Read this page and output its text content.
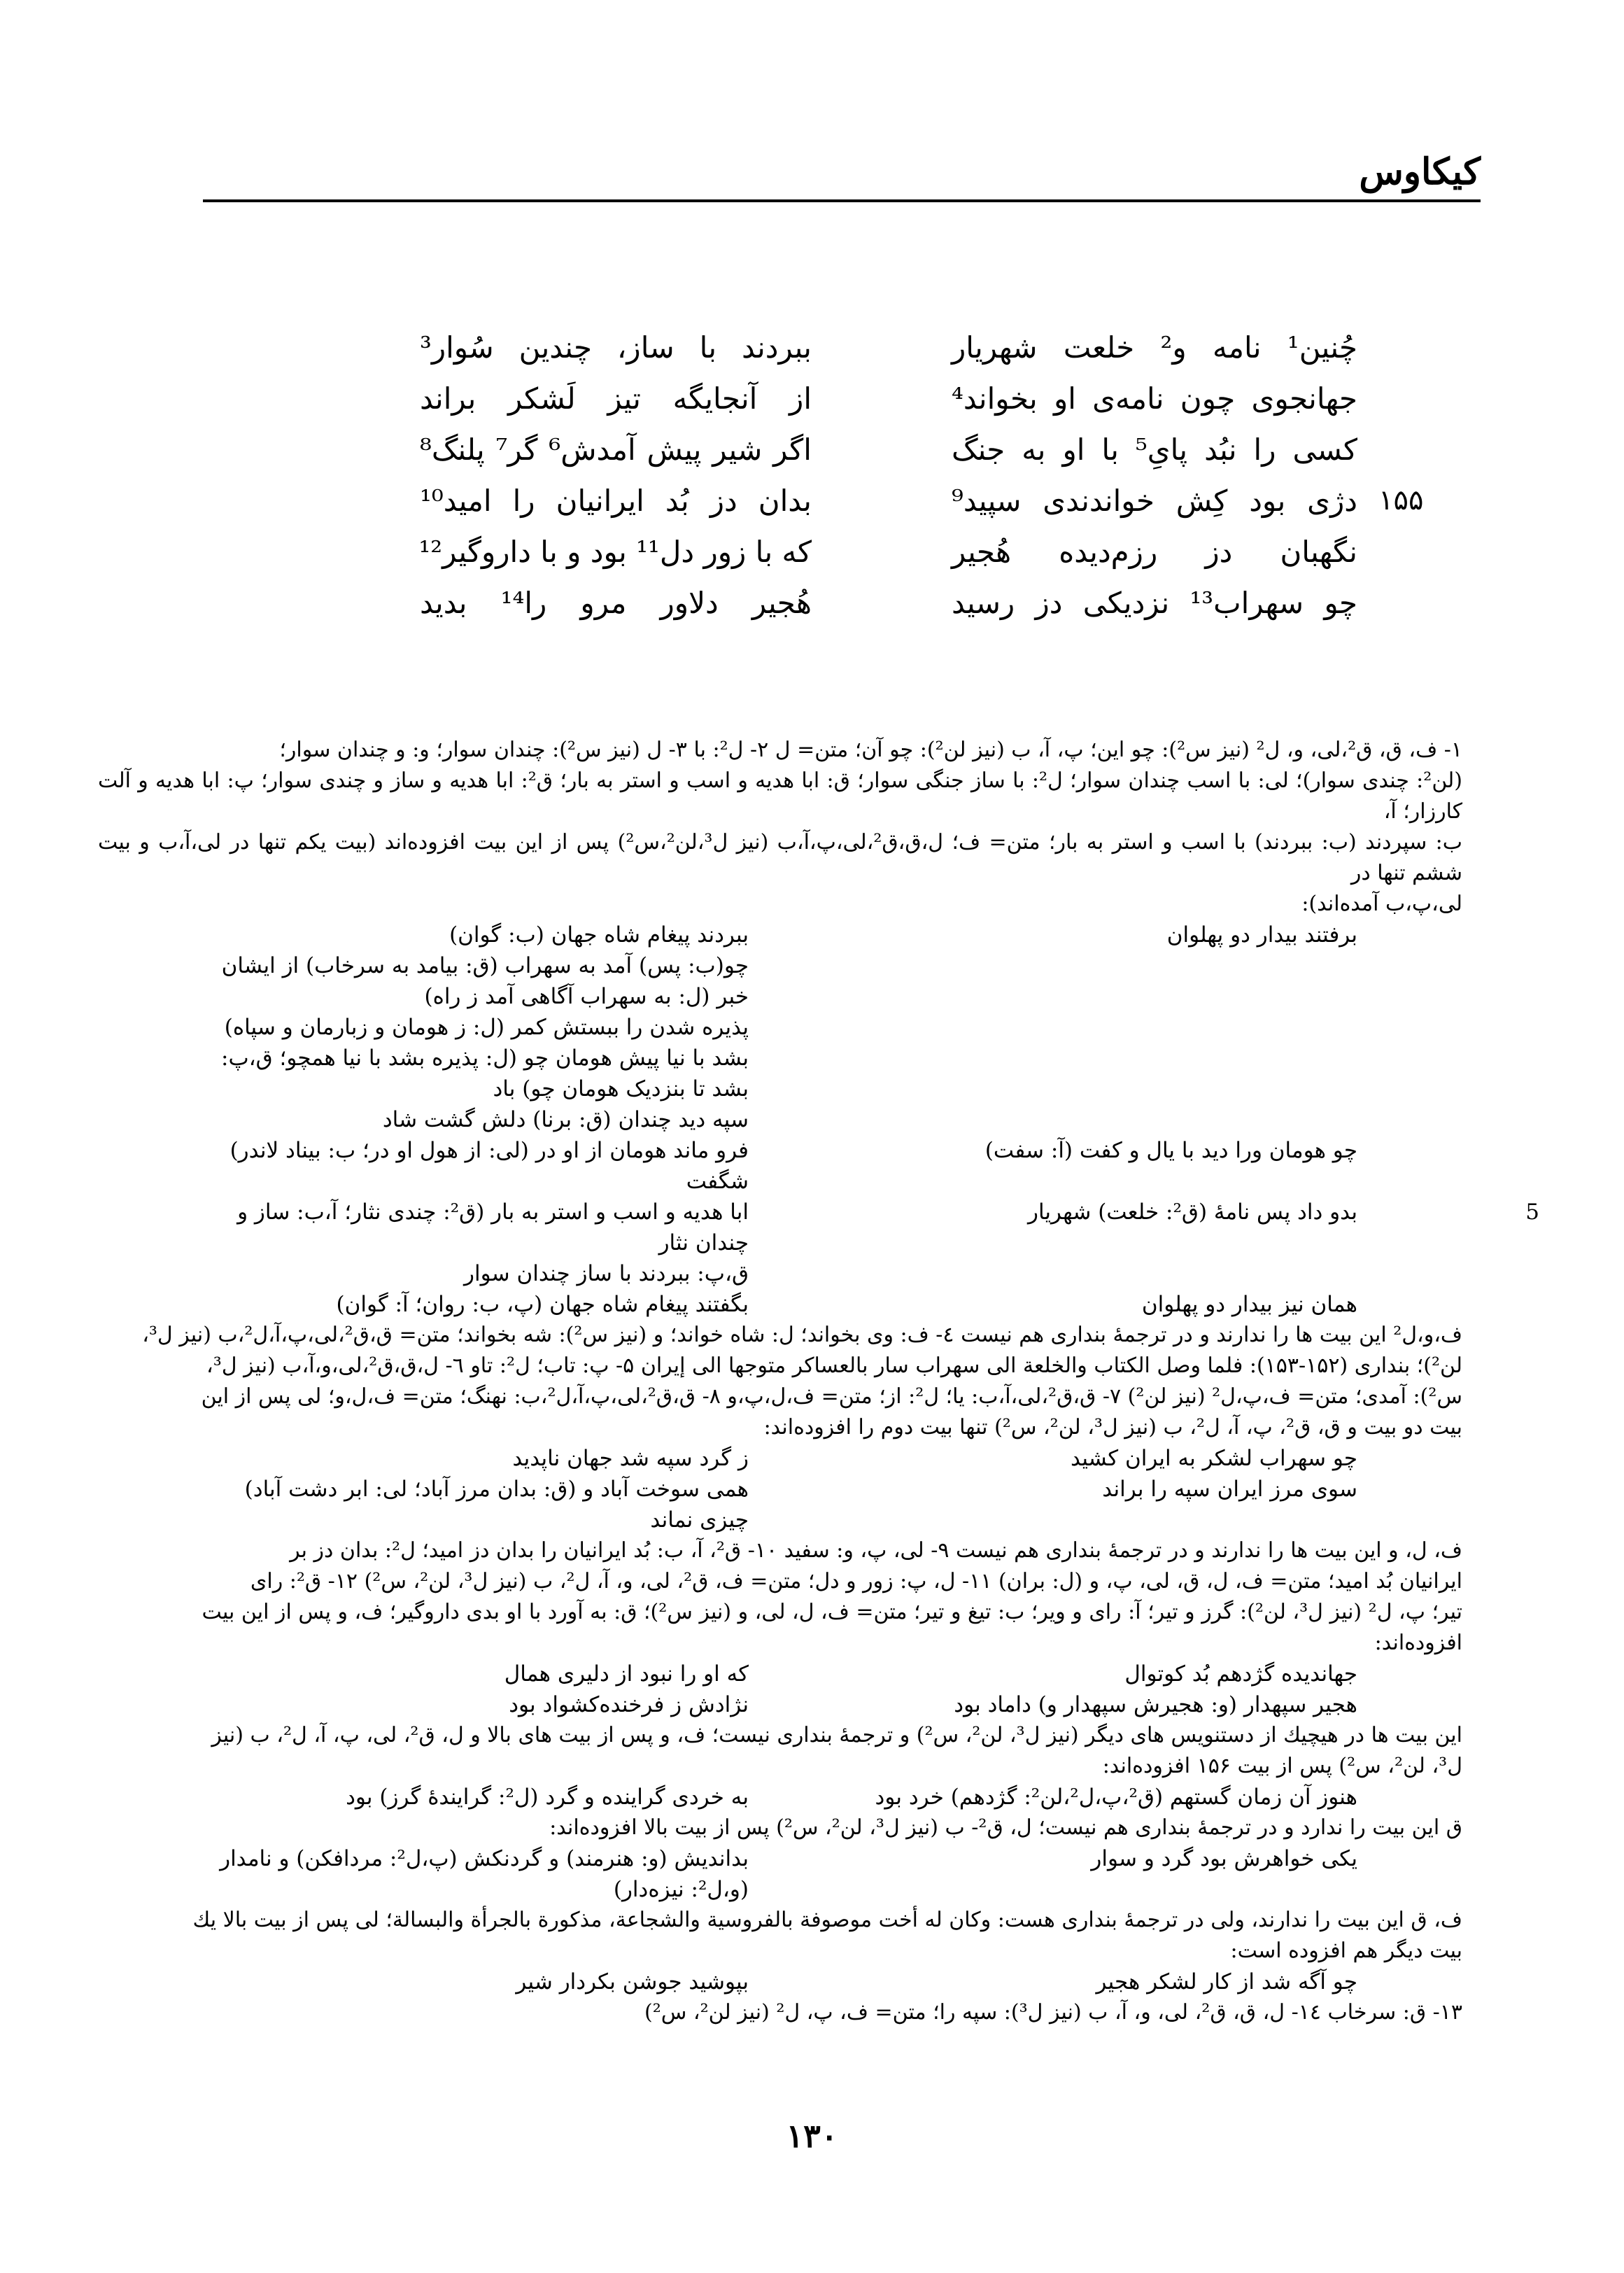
کیکاوس
چُنین¹ نامه و² خلعت شهریار
ببردند با ساز، چندین سُوار³
جهانجوی چون نامه‌ی او بخواند⁴
از آنجایگه تیز لَشکر براند
کسی را نبُد پایِ⁵ با او به جنگ
اگر شیر پیش آمدش⁶ گر⁷ پلنگ⁸
۱۵۵
دژی بود کِش خواندندی سپید⁹
بدان دز بُد ایرانیان را امید¹⁰
نگهبان دز رزم‌دیده هُجیر
که با زور دل¹¹ بود و با داروگیر¹²
چو سهراب¹³ نزدیکی دز رسید
هُجیر دلاور مرو را¹⁴ بدید
۱- ف، ق، ق²،لی، و، ل² (نیز س²): چو این؛ پ، آ، ب (نیز لن²): چو آن؛ متن= ل ۲- ل²: با ۳- ل (نیز س²): چندان سوار؛ و: و چندان سوار؛
(لن²: چندی سوار)؛ لی: با اسب چندان سوار؛ ل²: با ساز جنگی سوار؛ ق: ابا هدیه و اسب و استر به بار؛ ق²: ابا هدیه و ساز و چندی سوار؛ پ: ابا هدیه و آلت کارزار؛ آ،
ب: سپردند (ب: ببردند) با اسب و استر به بار؛ متن= ف؛ ل،ق،ق²،لی،پ،آ،ب (نیز ل³،لن²،س²) پس از این بیت افزوده‌اند (بیت یکم تنها در لی،آ،ب و بیت ششم تنها در
لی،پ،ب آمده‌اند):
برفتند بیدار دو پهلوان
ببردند پیغام شاه جهان (ب: گوان)
چو(ب: پس) آمد به سهراب (ق: بیامد به سرخاب) از ایشان خبر (ل: به سهراب آگاهی آمد ز راه)
پذیره شدن را ببستش کمر (ل: ز هومان و زبارمان و سپاه)
بشد با نیا پیش هومان چو (ل: پذیره بشد با نیا همچو؛ ق،پ: بشد تا بنزدیک هومان چو) باد
سپه دید چندان (ق: برنا) دلش گشت شاد
چو هومان ورا دید با یال و کفت (آ: سفت)
فرو ماند هومان از او در (لی: از هول او در؛ ب: بیناد لاندر) شگفت
5
بدو داد پس نامهٔ (ق²: خلعت) شهریار
ابا هدیه و اسب و استر به بار (ق²: چندی نثار؛ آ،ب: ساز و چندان نثار
ق،پ: ببردند با ساز چندان سوار
همان نیز بیدار دو پهلوان
بگفتند پیغام شاه جهان (پ، ب: روان؛ آ: گوان)
ف،و،ل² این بیت ها را ندارند و در ترجمهٔ بنداری هم نیست ٤- ف: وی بخواند؛ ل: شاه خواند؛ و (نیز س²): شه بخواند؛ متن= ق،ق²،لی،پ،آ،ل²،ب (نیز ل³،
لن²)؛ بنداری (۱۵۲-۱۵۳): فلما وصل الکتاب والخلعة الی سهراب سار بالعساکر متوجها الی إیران ۵- پ: تاب؛ ل²: تاو ٦- ل،ق،ق²،لی،و،آ،ب (نیز ل³،
س²): آمدی؛ متن= ف،پ،ل² (نیز لن²) ۷- ق،ق²،لی،آ،ب: یا؛ ل²: از؛ متن= ف،ل،پ،و ۸- ق،ق²،لی،پ،آ،ل²،ب: نهنگ؛ متن= ف،ل،و؛ لی پس از این
بیت دو بیت و ق، ق²، پ، آ، ل²، ب (نیز ل³، لن²، س²) تنها بیت دوم را افزوده‌اند:
چو سهراب لشکر به ایران کشید
ز گرد سپه شد جهان ناپدید
سوی مرز ایران سپه را براند
همی سوخت آباد و (ق: بدان مرز آباد؛ لی: ابر دشت آباد) چیزی نماند
ف، ل، و این بیت ها را ندارند و در ترجمهٔ بنداری هم نیست ۹- لی، پ، و: سفید ۱۰- ق²، آ، ب: بُد ایرانیان را بدان دز امید؛ ل²: بدان دز بر
ایرانیان بُد امید؛ متن= ف، ل، ق، لی، پ، و (ل: بران) ۱۱- ل، پ: زور و دل؛ متن= ف، ق²، لی، و، آ، ل²، ب (نیز ل³، لن²، س²) ۱۲- ق²: رای
تیر؛ پ، ل² (نیز ل³، لن²): گرز و تیر؛ آ: رای و ویر؛ ب: تیغ و تیر؛ متن= ف، ل، لی، و (نیز س²)؛ ق: به آورد با او بدی داروگیر؛ ف، و پس از این بیت
افزوده‌اند:
جهاندیده گژدهم بُد کوتوال
که او را نبود از دلیری همال
هجیر سپهدار (و: هجیرش سپهدار و) داماد بود
نژادش ز فرخنده‌کشواد بود
این بیت ها در هیچیك از دستنویس های دیگر (نیز ل³، لن²، س²) و ترجمهٔ بنداری نیست؛ ف، و پس از بیت های بالا و ل، ق²، لی، پ، آ، ل²، ب (نیز
ل³، لن²، س²) پس از بیت ۱۵۶ افزوده‌اند:
هنوز آن زمان گستهم (ق²،پ،ل²،لن²: گژدهم) خرد بود
به خردی گراینده و گرد (ل²: گرایندهٔ گرز) بود
ق این بیت را ندارد و در ترجمهٔ بنداری هم نیست؛ ل، ق²- ب (نیز ل³، لن²، س²) پس از بیت بالا افزوده‌اند:
یکی خواهرش بود گرد و سوار
بداندیش (و: هنرمند) و گردنکش (پ،ل²: مردافکن) و نامدار (و،ل²: نیزه‌دار)
ف، ق این بیت را ندارند، ولی در ترجمهٔ بنداری هست: وکان له أخت موصوفة بالفروسیة والشجاعة، مذکورة بالجرأة والبسالة؛ لی پس از بیت بالا یك
بیت دیگر هم افزوده است:
چو آگه شد از کار لشکر هجیر
بپوشید جوشن بکردار شیر
۱۳- ق: سرخاب ۱٤- ل، ق، ق²، لی، و، آ، ب (نیز ل³): سپه را؛ متن= ف، پ، ل² (نیز لن²، س²)
۱۳۰
